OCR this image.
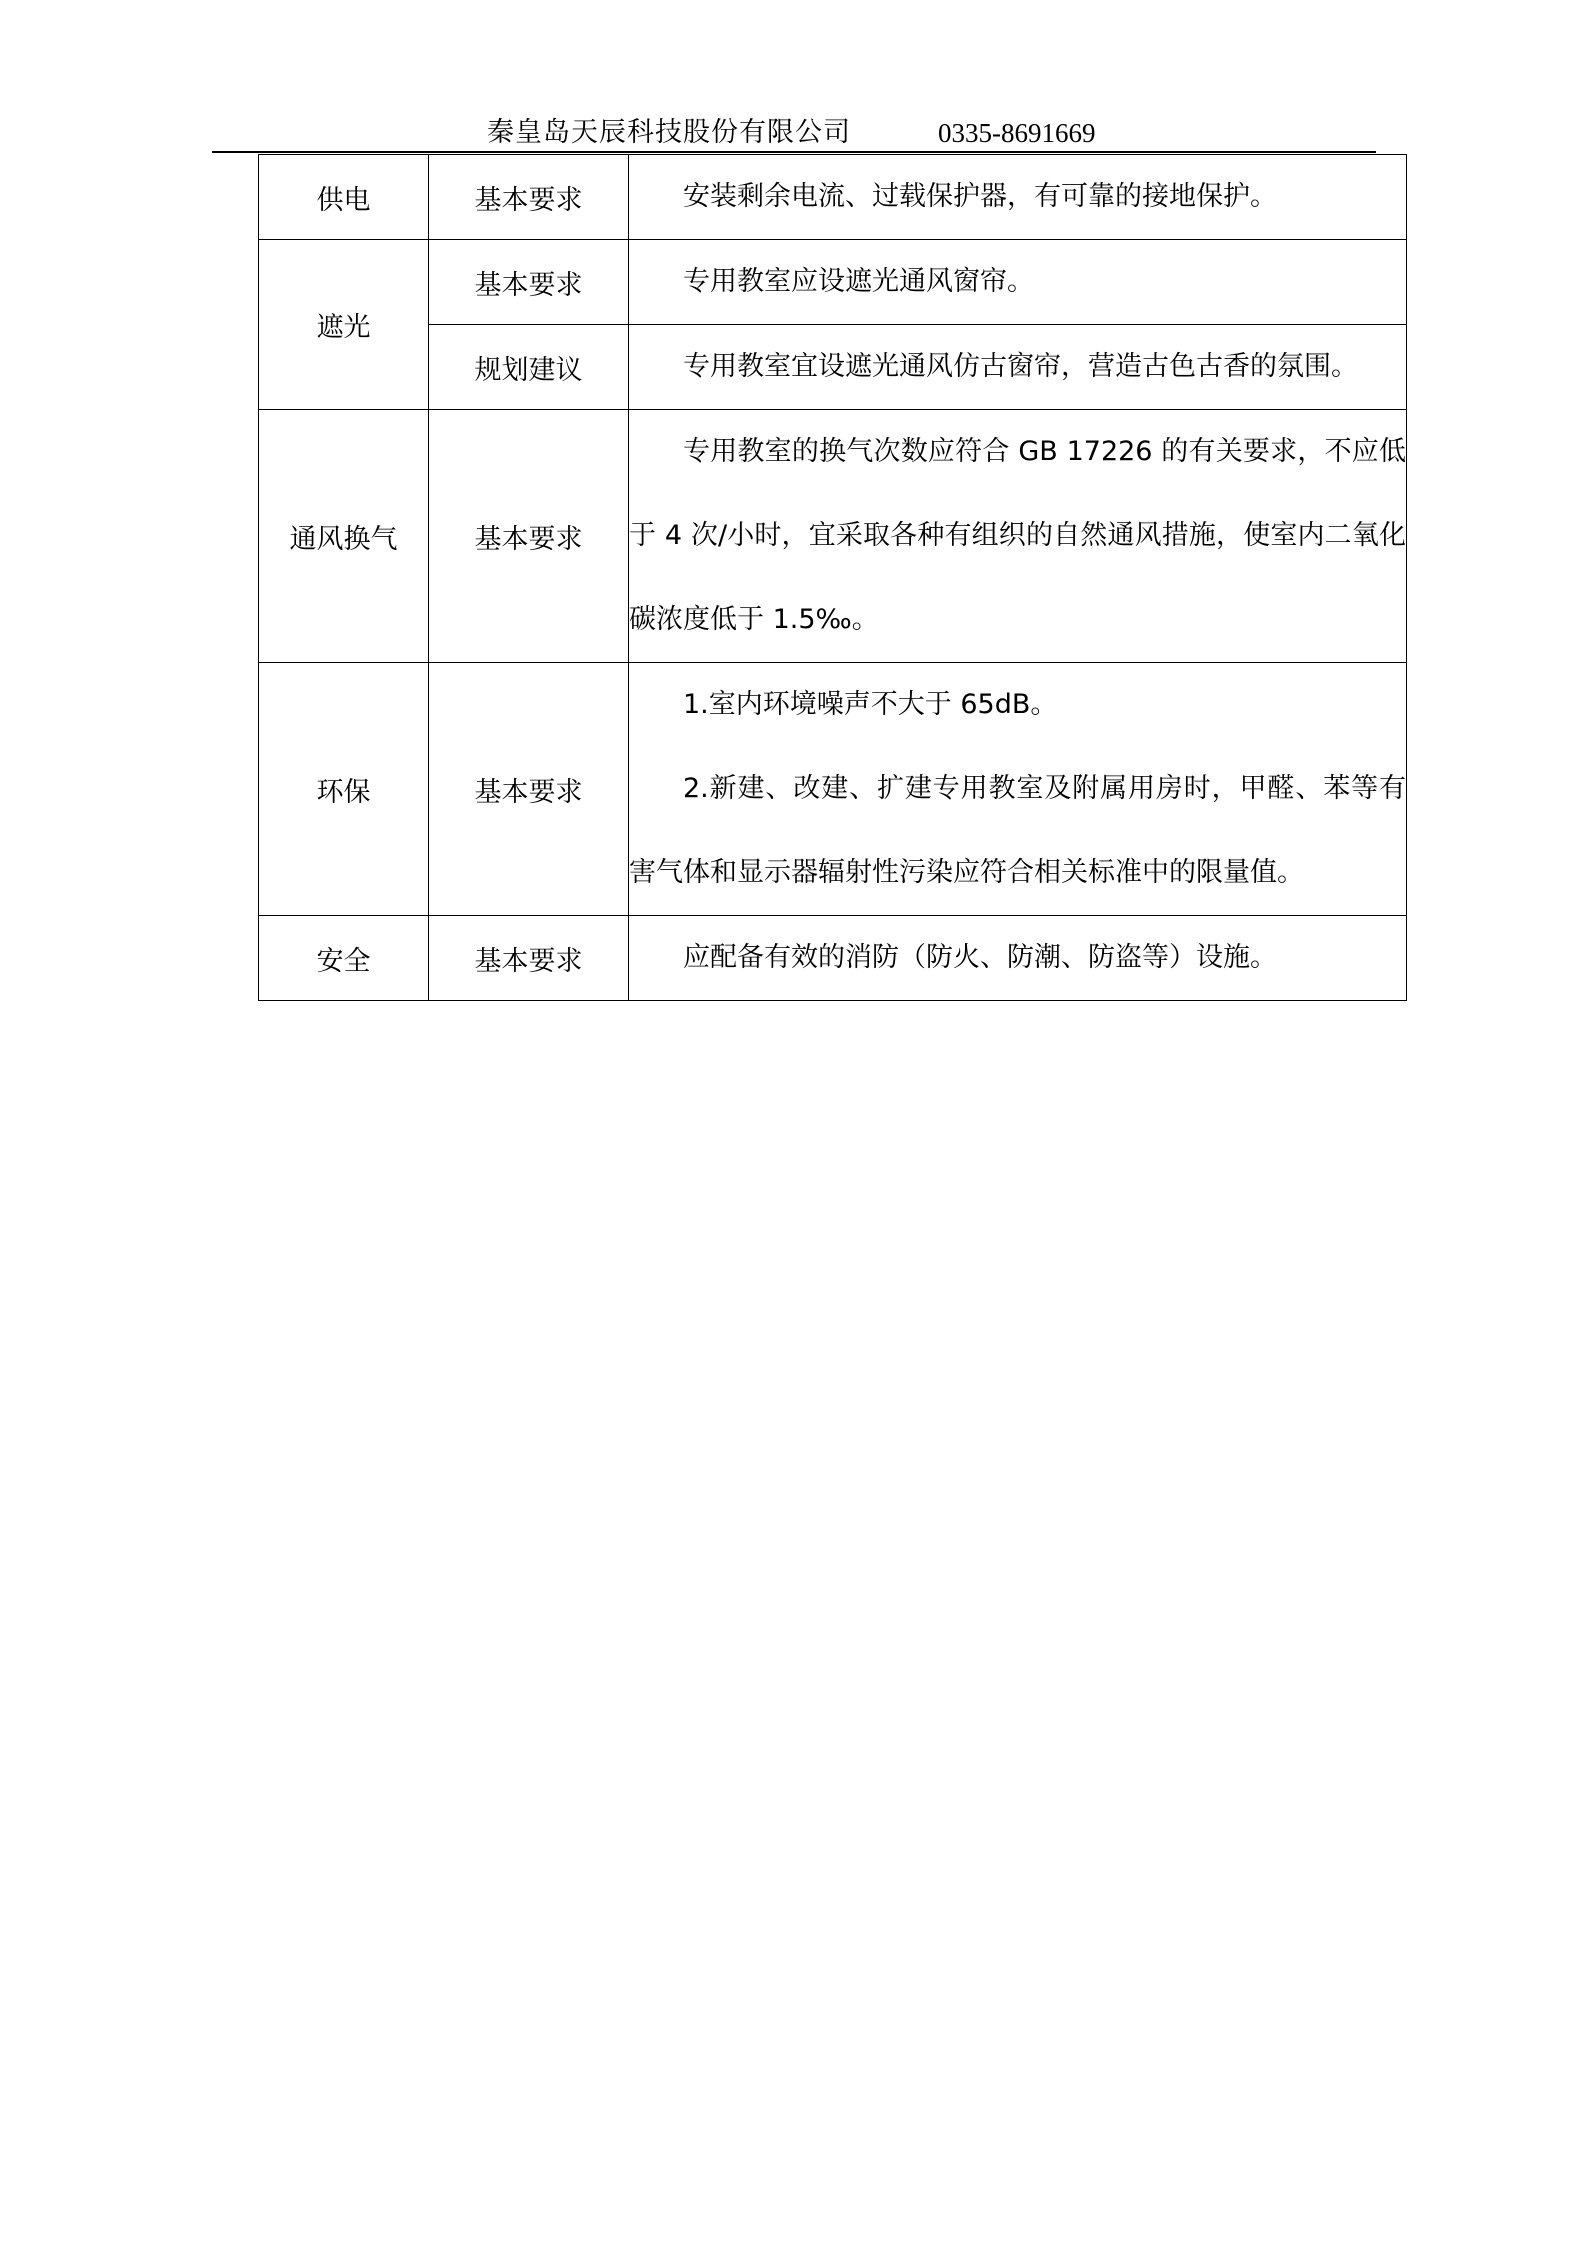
秦皇岛天辰科技股份有限公司	0335-8691669
供电	基本要求	安装剩余电流、过载保护器，有可靠的接地保护。

遮光	基本要求	专用教室应设遮光通风窗帘。

	规划建议	专用教室宜设遮光通风仿古窗帘，营造古色古香的氛围。

通风换气	基本要求	专用教室的换气次数应符合 GB 17226 的有关要求，不应低于 4 次/小时，宜采取各种有组织的自然通风措施，使室内二氧化碳浓度低于 1.5‰。

环保	基本要求	1.室内环境噪声不大于 65dB。
2.新建、改建、扩建专用教室及附属用房时，甲醛、苯等有害气体和显示器辐射性污染应符合相关标准中的限量值。

安全	基本要求	应配备有效的消防（防火、防潮、防盗等）设施。
